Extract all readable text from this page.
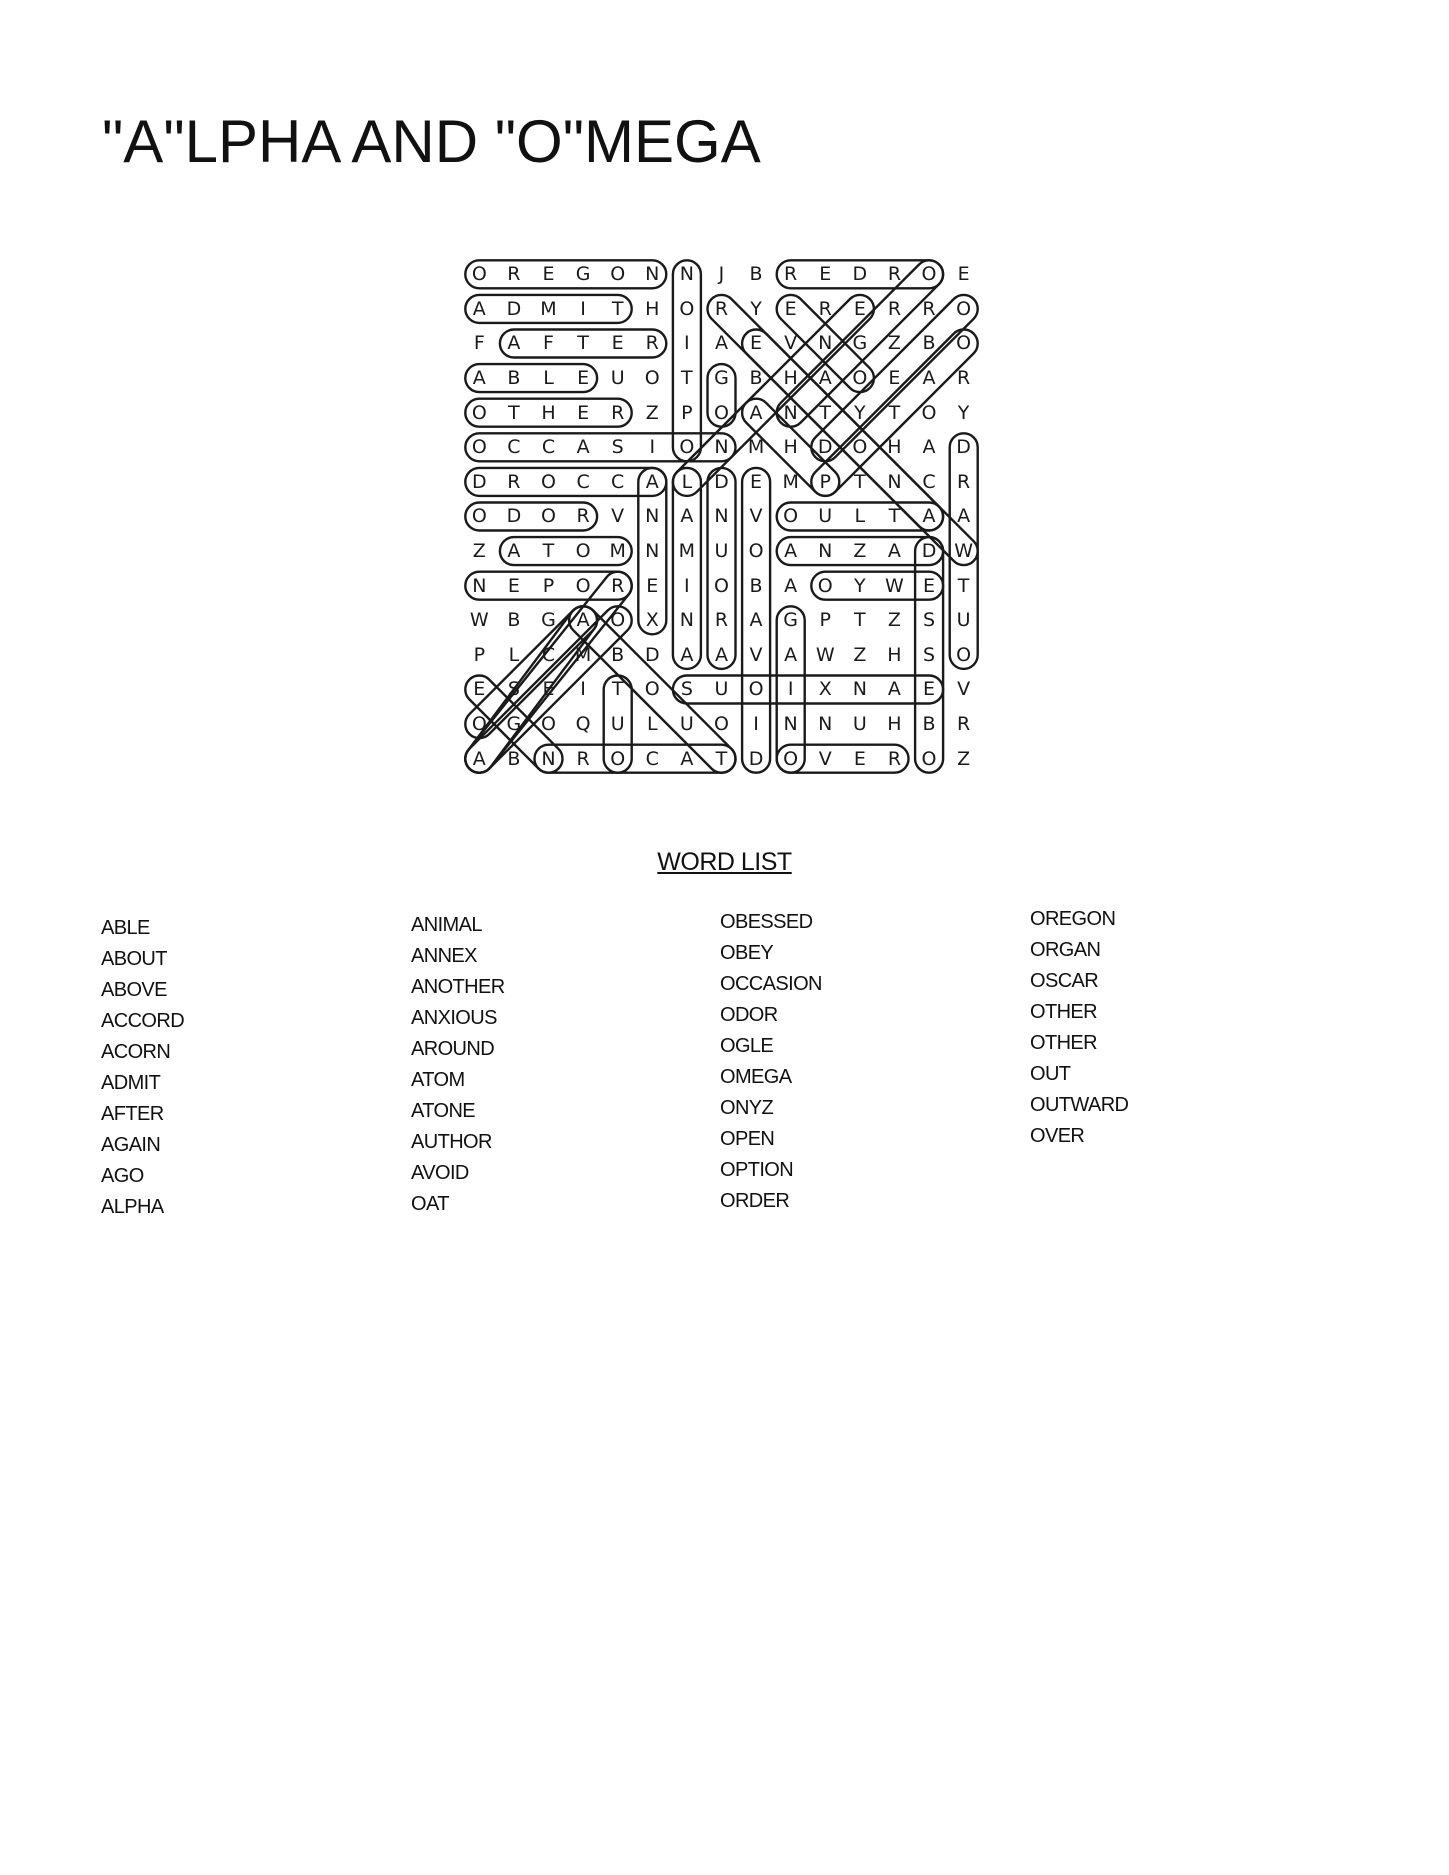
"A"LPHA AND "O"MEGA
O	R	E	G	O	N	N	J	B	R	E	D	R	O	E
A	D	M	I	T	H	O	R	Y	E	R	E	R	R	O
F	A	F	T	E	R	I	A	E	V	N	G	Z	B	O
A	B	L	E	U	O	T	G	B	H	A	O	E	A	R
O	T	H	E	R	Z	P	O	A	N	T	Y	T	O	Y
O	C	C	A	S	I	O	N	M	H	D	O	H	A	D
D	R	O	C	C	A	L	D	E	M	P	T	N	C	R
O	D	O	R	V	N	A	N	V	O	U	L	T	A	A
Z	A	T	O M	N	M	U	O	A	N	Z	A	D W
N	E	P	O	R	E	I	O	B	A	O	Y	W	E	T
W B	G	A	O	X	N	R	A	G	P	T	Z	S	U
P	L	C	M	B	D	A	A	V	A W Z	H	S	O
E	S	E	I	T	O	S	U	O	I	X	N	A	E	V
O	G	O	Q	U	L	U	O	I	N	N	U	H	B	R
A	B	N	R	O	C	A	T	D	O	V	E	R	O	Z
WORD LIST
ABLE
ABOUT
ABOVE
ACCORD
ACORN
ADMIT
AFTER
AGAIN
AGO
ALPHA
ANIMAL
ANNEX
ANOTHER
ANXIOUS
AROUND
ATOM
ATONE
AUTHOR
AVOID
OAT
OBESSED
OBEY
OCCASION
ODOR
OGLE
OMEGA
ONYZ
OPEN
OPTION
ORDER
OREGON
ORGAN
OSCAR
OTHER
OTHER
OUT
OUTWARD
OVER
